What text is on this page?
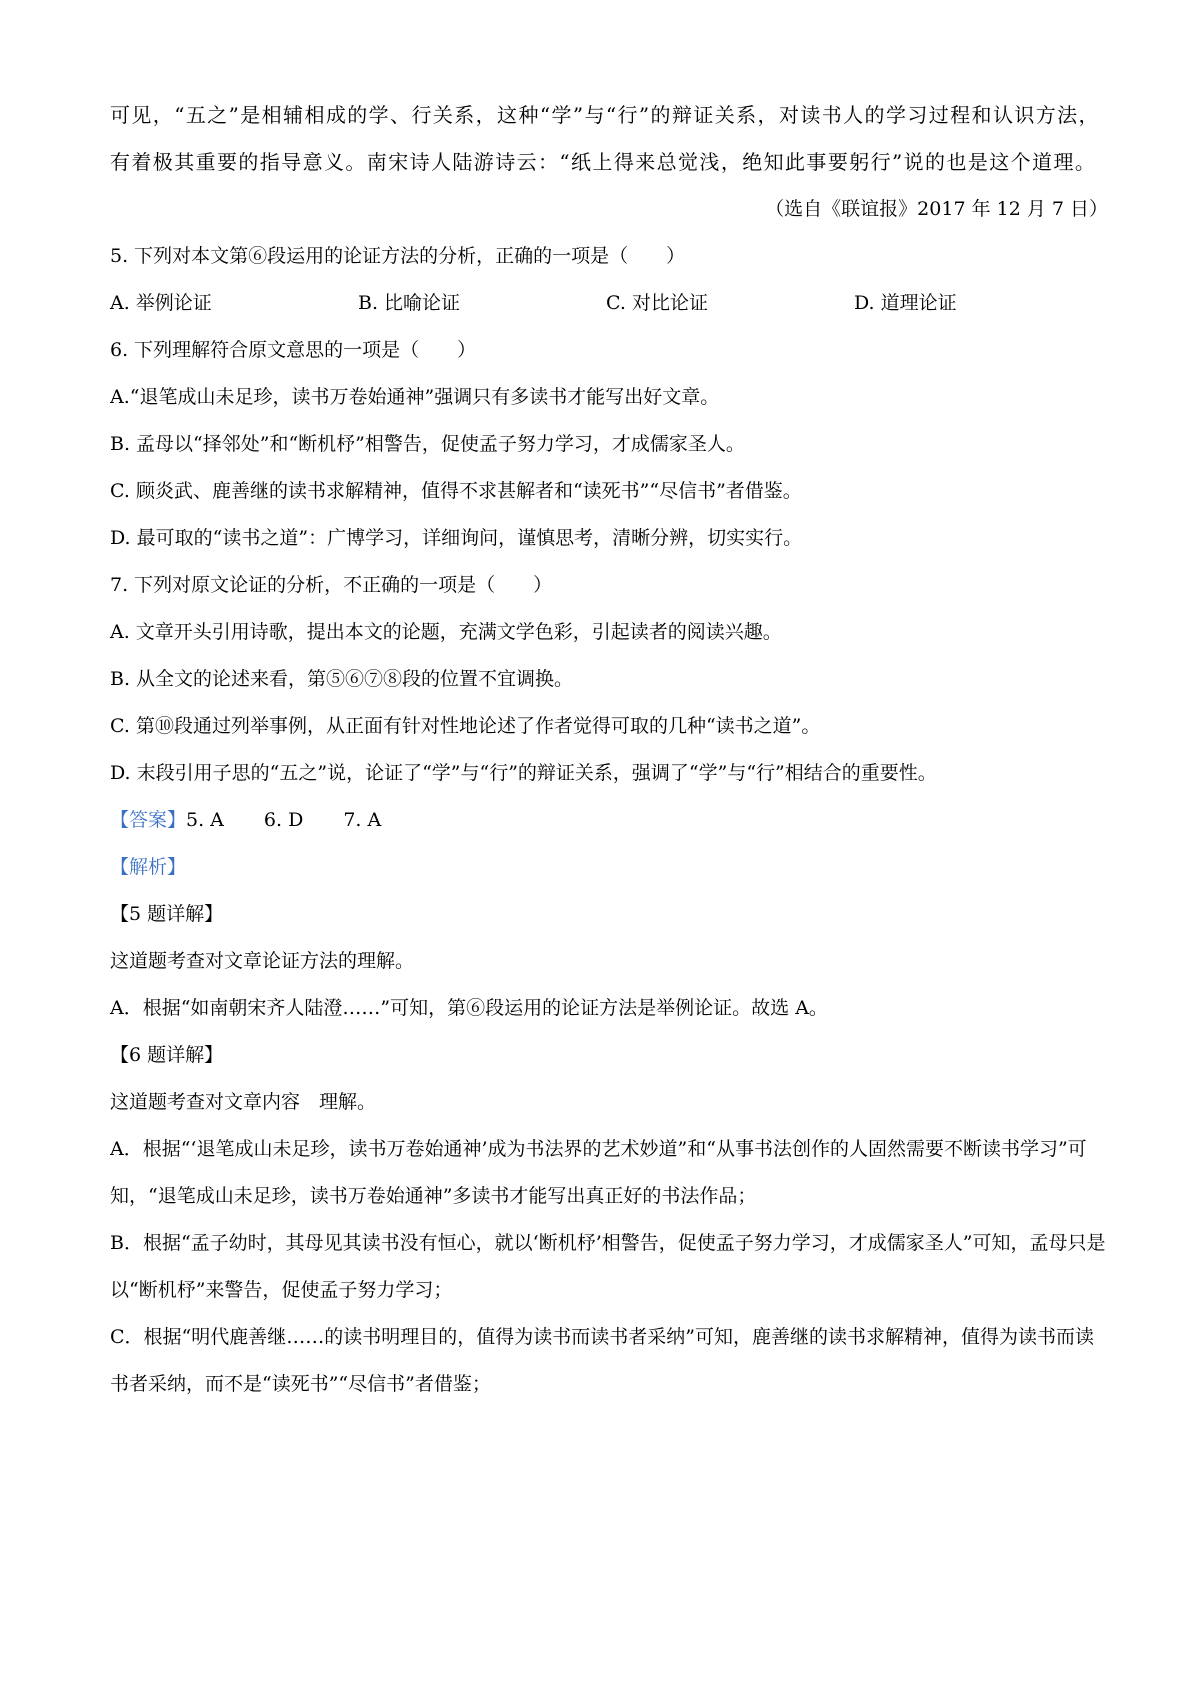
可见，“五之”是相辅相成的学、行关系，这种“学”与“行”的辩证关系，对读书人的学习过程和认识方法，有着极其重要的指导意义。南宋诗人陆游诗云：“纸上得来总觉浅，绝知此事要躬行”说的也是这个道理。

（选自《联谊报》2017 年 12 月 7 日）

5. 下列对本文第⑥段运用的论证方法的分析，正确的一项是（　　）

A. 举例论证	B. 比喻论证	C. 对比论证	D. 道理论证

6. 下列理解符合原文意思的一项是（　　）

A.“退笔成山未足珍，读书万卷始通神”强调只有多读书才能写出好文章。

B. 孟母以“择邻处”和“断机杼”相警告，促使孟子努力学习，才成儒家圣人。

C. 顾炎武、鹿善继的读书求解精神，值得不求甚解者和“读死书”“尽信书”者借鉴。

D. 最可取的“读书之道”：广博学习，详细询问，谨慎思考，清晰分辨，切实实行。

7. 下列对原文论证的分析，不正确的一项是（　　）

A. 文章开头引用诗歌，提出本文的论题，充满文学色彩，引起读者的阅读兴趣。

B. 从全文的论述来看，第⑤⑥⑦⑧段的位置不宜调换。

C. 第⑩段通过列举事例，从正面有针对性地论述了作者觉得可取的几种“读书之道”。

D. 末段引用子思的“五之”说，论证了“学”与“行”的辩证关系，强调了“学”与“行”相结合的重要性。

【答案】5. A 6. D 7. A

【解析】

【5 题详解】

这道题考查对文章论证方法的理解。

A．根据“如南朝宋齐人陆澄……”可知，第⑥段运用的论证方法是举例论证。故选 A。

【6 题详解】

这道题考查对文章内容　理解。

A．根据“‘退笔成山未足珍，读书万卷始通神’成为书法界的艺术妙道”和“从事书法创作的人固然需要不断读书学习”可知，“退笔成山未足珍，读书万卷始通神”多读书才能写出真正好的书法作品；

B．根据“孟子幼时，其母见其读书没有恒心，就以‘断机杼’相警告，促使孟子努力学习，才成儒家圣人”可知，孟母只是以“断机杼”来警告，促使孟子努力学习；

C．根据“明代鹿善继……的读书明理目的，值得为读书而读书者采纳”可知，鹿善继的读书求解精神，值得为读书而读书者采纳，而不是“读死书”“尽信书”者借鉴；
